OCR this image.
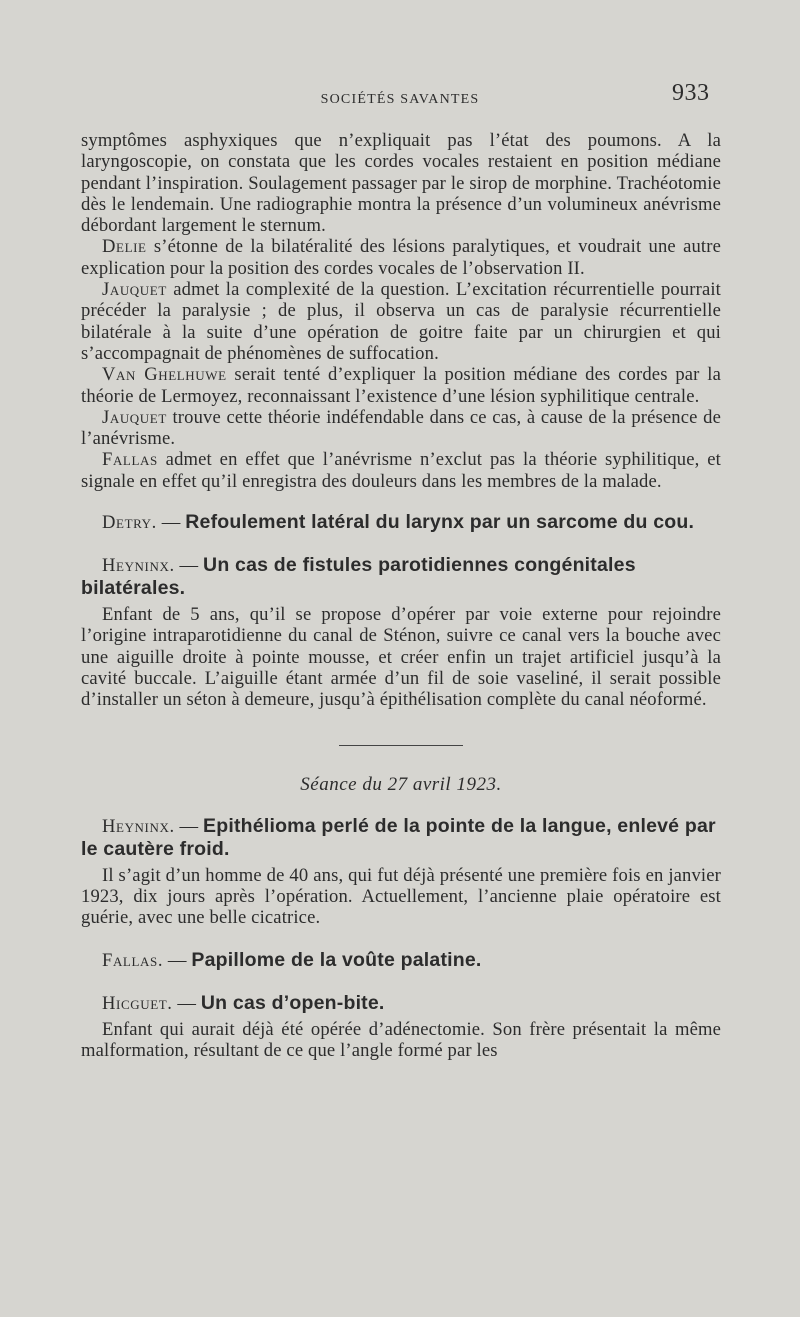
SOCIÉTÉS SAVANTES	933

symptômes asphyxiques que n’expliquait pas l’état des poumons. A la laryngoscopie, on constata que les cordes vocales restaient en position médiane pendant l’inspiration. Soulagement passager par le sirop de morphine. Trachéotomie dès le lendemain. Une radiographie montra la présence d’un volumineux anévrisme débordant largement le sternum.

Delie s’étonne de la bilatéralité des lésions paralytiques, et voudrait une autre explication pour la position des cordes vocales de l’observation II.

Jauquet admet la complexité de la question. L’excitation récurrentielle pourrait précéder la paralysie ; de plus, il observa un cas de paralysie récurrentielle bilatérale à la suite d’une opération de goitre faite par un chirurgien et qui s’accompagnait de phénomènes de suffocation.

Van Ghelhuwe serait tenté d’expliquer la position médiane des cordes par la théorie de Lermoyez, reconnaissant l’existence d’une lésion syphilitique centrale.

Jauquet trouve cette théorie indéfendable dans ce cas, à cause de la présence de l’anévrisme.

Fallas admet en effet que l’anévrisme n’exclut pas la théorie syphilitique, et signale en effet qu’il enregistra des douleurs dans les membres de la malade.

Detry. — Refoulement latéral du larynx par un sarcome du cou.

Heyninx. — Un cas de fistules parotidiennes congénitales bilatérales.

Enfant de 5 ans, qu’il se propose d’opérer par voie externe pour rejoindre l’origine intraparotidienne du canal de Sténon, suivre ce canal vers la bouche avec une aiguille droite à pointe mousse, et créer enfin un trajet artificiel jusqu’à la cavité buccale. L’aiguille étant armée d’un fil de soie vaseliné, il serait possible d’installer un séton à demeure, jusqu’à épithélisation complète du canal néoformé.

Séance du 27 avril 1923.

Heyninx. — Epithélioma perlé de la pointe de la langue, enlevé par le cautère froid.

Il s’agit d’un homme de 40 ans, qui fut déjà présenté une première fois en janvier 1923, dix jours après l’opération. Actuellement, l’ancienne plaie opératoire est guérie, avec une belle cicatrice.

Fallas. — Papillome de la voûte palatine.

Hicguet. — Un cas d’open-bite.

Enfant qui aurait déjà été opérée d’adénectomie. Son frère présentait la même malformation, résultant de ce que l’angle formé par les
